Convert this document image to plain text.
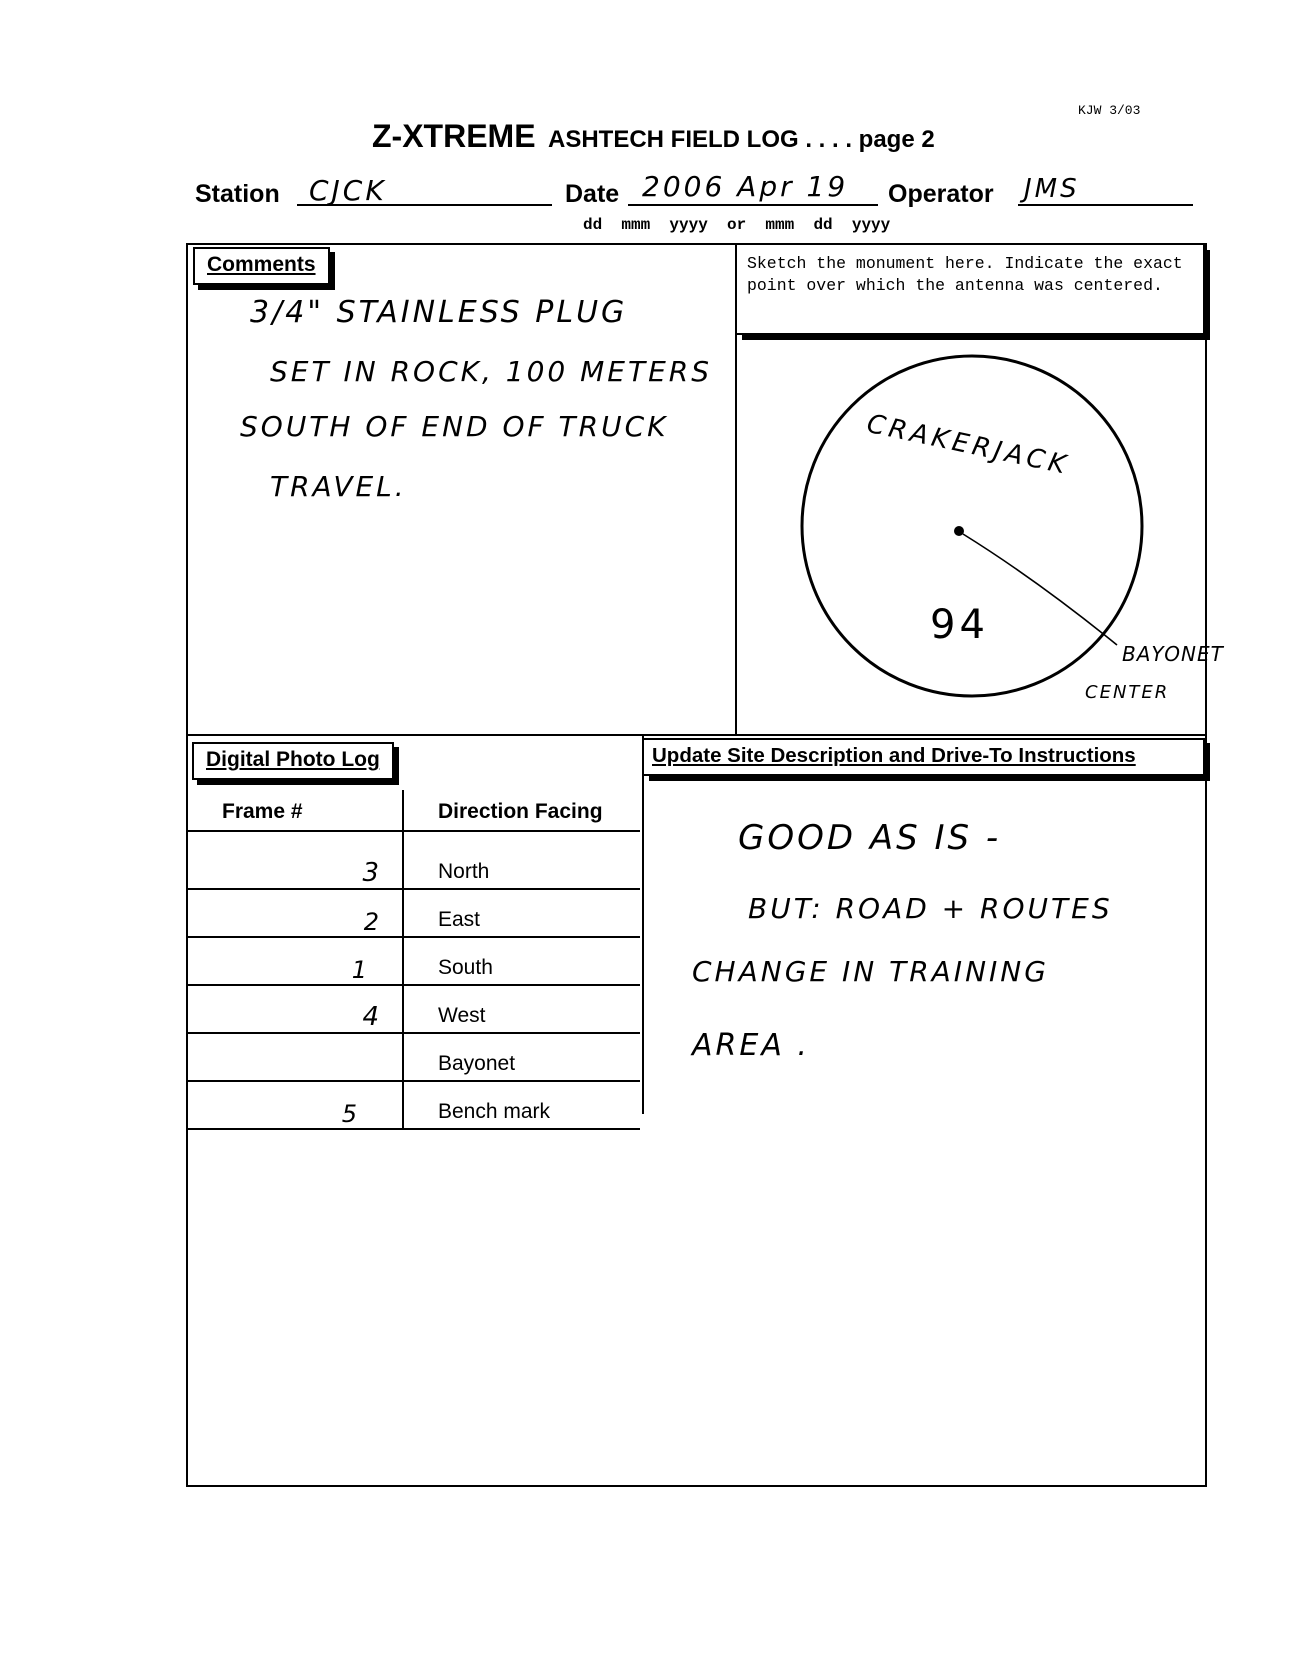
KJW 3/03
Z-XTREME ASHTECH FIELD LOG . . . . page 2
Station	CJCK	Date 2006 Apr 19	Operator JMS
dd  mmm  yyyy  or  mmm  dd  yyyy
Comments
3/4" STAINLESS PLUG
SET IN ROCK, 100 METERS
SOUTH OF END OF TRUCK
TRAVEL.
Sketch the monument here. Indicate the exact point over which the antenna was centered.
CRAKERJACK
94
BAYONET
CENTER
Digital Photo Log
Frame #	Direction Facing
3	North
2	East
1	South
4	West
	Bayonet
5	Bench mark
Update Site Description and Drive-To Instructions
GOOD AS IS -
BUT: ROAD + ROUTES
CHANGE IN TRAINING
AREA .
